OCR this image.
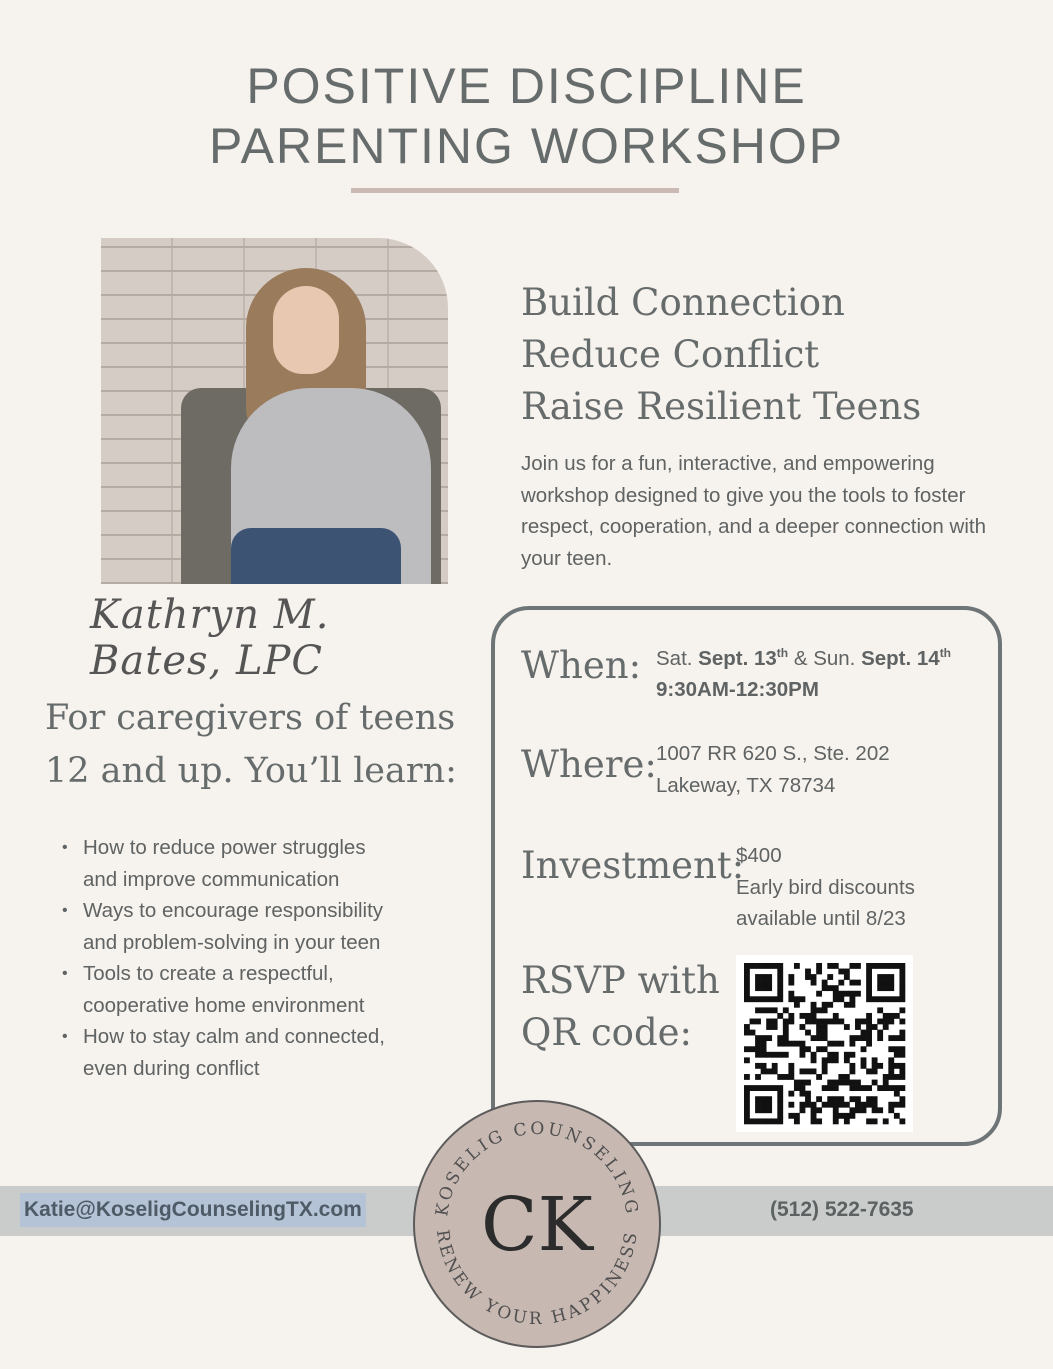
POSITIVE DISCIPLINE
PARENTING WORKSHOP
Kathryn M. Bates, LPC
Build Connection
Reduce Conflict
Raise Resilient Teens
Join us for a fun, interactive, and empowering workshop designed to give you the tools to foster respect, cooperation, and a deeper connection with your teen.
For caregivers of teens
12 and up. You’ll learn:
• How to reduce power struggles
and improve communication
• Ways to encourage responsibility
and problem-solving in your teen
• Tools to create a respectful,
cooperative home environment
• How to stay calm and connected,
even during conflict
When: Sat. Sept. 13th & Sun. Sept. 14th
9:30AM-12:30PM
Where: 1007 RR 620 S., Ste. 202
Lakeway, TX 78734
Investment:
$400
Early bird discounts
available until 8/23
RSVP with
QR code:
Katie@KoseligCounselingTX.com	(512) 522-7635
KOSELIG COUNSELING
RENEW YOUR HAPPINESS
CK
